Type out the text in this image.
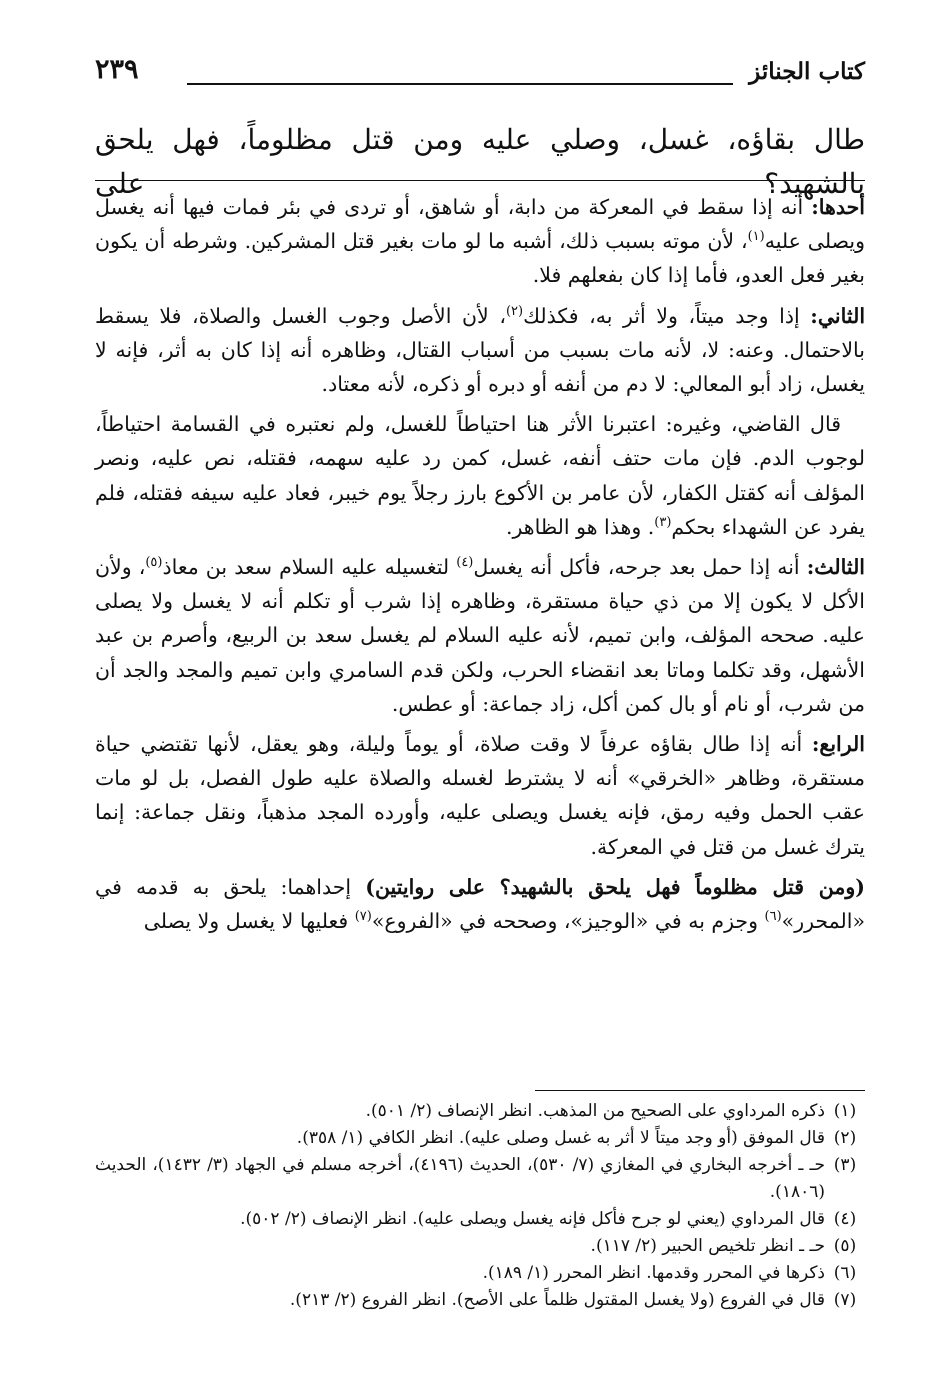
كتاب الجنائز
٢٣٩
طال بقاؤه، غسل، وصلي عليه ومن قتل مظلوماً، فهل يلحق بالشهيد؟ على

أحدها: أنه إذا سقط في المعركة من دابة، أو شاهق، أو تردى في بئر فمات فيها أنه يغسل ويصلى عليه$^{(١)}$، لأن موته بسبب ذلك، أشبه ما لو مات بغير قتل المشركين. وشرطه أن يكون بغير فعل العدو، فأما إذا كان بفعلهم فلا.

الثاني: إذا وجد ميتاً، ولا أثر به، فكذلك$^{(٢)}$، لأن الأصل وجوب الغسل والصلاة، فلا يسقط بالاحتمال. وعنه: لا، لأنه مات بسبب من أسباب القتال، وظاهره أنه إذا كان به أثر، فإنه لا يغسل، زاد أبو المعالي: لا دم من أنفه أو دبره أو ذكره، لأنه معتاد.

قال القاضي، وغيره: اعتبرنا الأثر هنا احتياطاً للغسل، ولم نعتبره في القسامة احتياطاً، لوجوب الدم. فإن مات حتف أنفه، غسل، كمن رد عليه سهمه، فقتله، نص عليه، ونصر المؤلف أنه كقتل الكفار، لأن عامر بن الأكوع بارز رجلاً يوم خيبر، فعاد عليه سيفه فقتله، فلم يفرد عن الشهداء بحكم$^{(٣)}$. وهذا هو الظاهر.

الثالث: أنه إذا حمل بعد جرحه، فأكل أنه يغسل$^{(٤)}$ لتغسيله عليه السلام سعد بن معاذ$^{(٥)}$، ولأن الأكل لا يكون إلا من ذي حياة مستقرة، وظاهره إذا شرب أو تكلم أنه لا يغسل ولا يصلى عليه. صححه المؤلف، وابن تميم، لأنه عليه السلام لم يغسل سعد بن الربيع، وأصرم بن عبد الأشهل، وقد تكلما وماتا بعد انقضاء الحرب، ولكن قدم السامري وابن تميم والمجد والجد أن من شرب، أو نام أو بال كمن أكل، زاد جماعة: أو عطس.

الرابع: أنه إذا طال بقاؤه عرفاً لا وقت صلاة، أو يوماً وليلة، وهو يعقل، لأنها تقتضي حياة مستقرة، وظاهر «الخرقي» أنه لا يشترط لغسله والصلاة عليه طول الفصل، بل لو مات عقب الحمل وفيه رمق، فإنه يغسل ويصلى عليه، وأورده المجد مذهباً، ونقل جماعة: إنما يترك غسل من قتل في المعركة.

(ومن قتل مظلوماً فهل يلحق بالشهيد؟ على روايتين) إحداهما: يلحق به قدمه في «المحرر»$^{(٦)}$ وجزم به في «الوجيز»، وصححه في «الفروع»$^{(٧)}$ فعليها لا يغسل ولا يصلى

(١)
ذكره المرداوي على الصحيح من المذهب. انظر الإنصاف (٢/ ٥٠١).
(٢)
قال الموفق (أو وجد ميتاً لا أثر به غسل وصلى عليه). انظر الكافي (١/ ٣٥٨).
(٣)
حـ ـ أخرجه البخاري في المغازي (٧/ ٥٣٠)، الحديث (٤١٩٦)، أخرجه مسلم في الجهاد (٣/ ١٤٣٢)، الحديث (١٨٠٦).
(٤)
قال المرداوي (يعني لو جرح فأكل فإنه يغسل ويصلى عليه). انظر الإنصاف (٢/ ٥٠٢).
(٥)
حـ ـ انظر تلخيص الحبير (٢/ ١١٧).
(٦)
ذكرها في المحرر وقدمها. انظر المحرر (١/ ١٨٩).
(٧)
قال في الفروع (ولا يغسل المقتول ظلماً على الأصح). انظر الفروع (٢/ ٢١٣).
